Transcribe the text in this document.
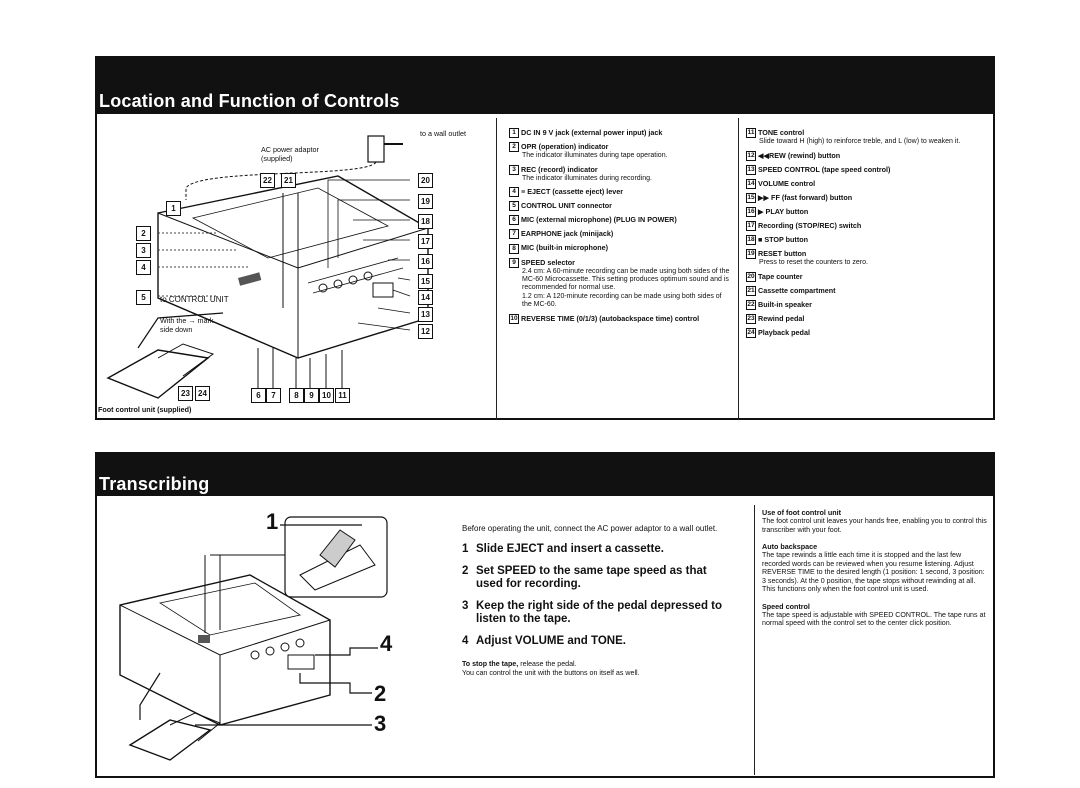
Location and Function of Controls
to a wall outlet
AC power adaptor
(supplied)
to CONTROL UNIT
With the → mark
side down
Foot control unit (supplied)
1
2
3
4
5
22	21	20
19
18
17
16
15
14
13
12
6	7	8	9	10 11
23	24
1 DC IN 9 V jack (external power input) jack
2 OPR (operation) indicator
The indicator illuminates during tape operation.
3 REC (record) indicator
The indicator illuminates during recording.
4 ≡ EJECT (cassette eject) lever
5 CONTROL UNIT connector
6 MIC (external microphone) (PLUG IN POWER)
7 EARPHONE jack (minijack)
8 MIC (built-in microphone)
9 SPEED selector
2.4 cm: A 60-minute recording can be made using both sides of the MC-60 Microcassette. This setting produces optimum sound and is recommended for normal use.
1.2 cm: A 120-minute recording can be made using both sides of the MC-60.
10 REVERSE TIME (0/1/3) (autobackspace time) control
11 TONE control
Slide toward H (high) to reinforce treble, and L (low) to weaken it.
12 ◀◀REW (rewind) button
13 SPEED CONTROL (tape speed control)
14 VOLUME control
15 ▶▶ FF (fast forward) button
16 ▶ PLAY button
17 Recording (STOP/REC) switch
18 ■ STOP button
19 RESET button
Press to reset the counters to zero.
20 Tape counter
21 Cassette compartment
22 Built-in speaker
23 Rewind pedal
24 Playback pedal
Transcribing
1
4
2
3
Before operating the unit, connect the AC power adaptor to a wall outlet.
1 Slide EJECT and insert a cassette.
2 Set SPEED to the same tape speed as that used for recording.
3 Keep the right side of the pedal depressed to listen to the tape.
4 Adjust VOLUME and TONE.
To stop the tape, release the pedal.
You can control the unit with the buttons on itself as well.
Use of foot control unit
The foot control unit leaves your hands free, enabling you to control this transcriber with your foot.
Auto backspace
The tape rewinds a little each time it is stopped and the last few recorded words can be reviewed when you resume listening. Adjust REVERSE TIME to the desired length (1 position: 1 second, 3 position: 3 seconds). At the 0 position, the tape stops without rewinding at all. This functions only when the foot control unit is used.
Speed control
The tape speed is adjustable with SPEED CONTROL. The tape runs at normal speed with the control set to the center click position.
